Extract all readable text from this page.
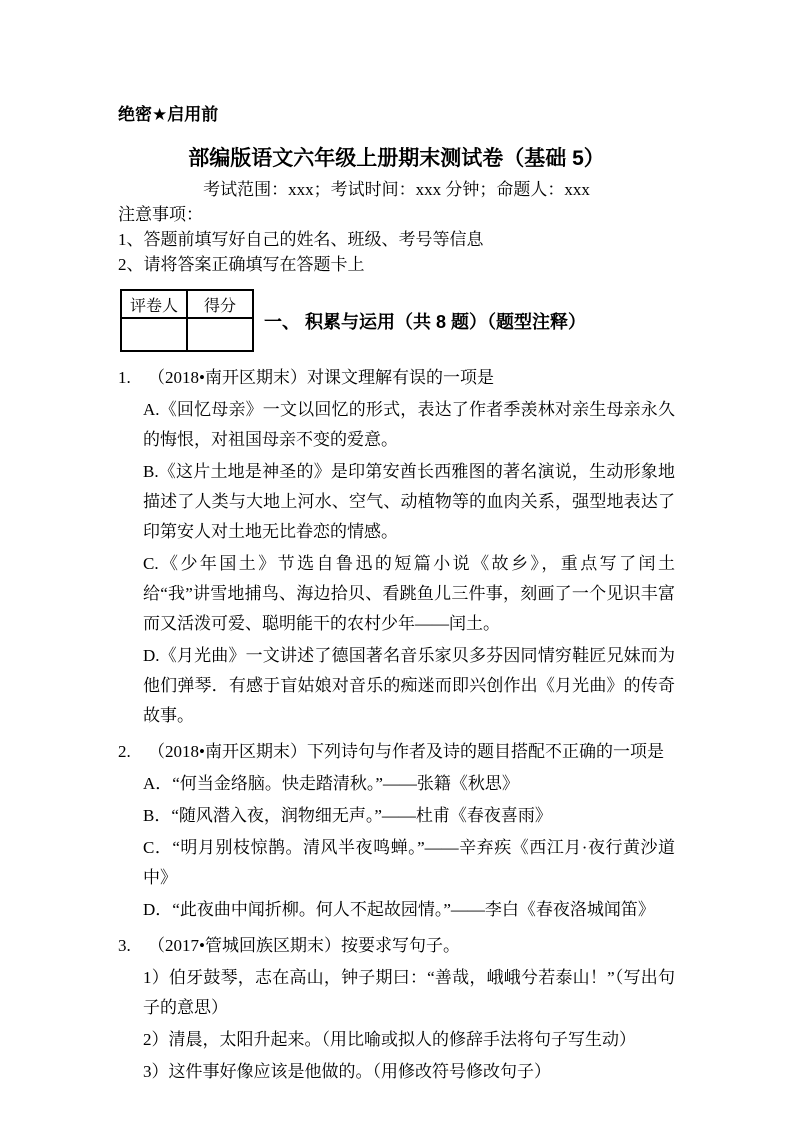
绝密★启用前
部编版语文六年级上册期末测试卷（基础 5）
考试范围：xxx；考试时间：xxx 分钟；命题人：xxx
注意事项：
1、答题前填写好自己的姓名、班级、考号等信息
2、请将答案正确填写在答题卡上
评卷人	得分

一、 积累与运用（共 8 题）（题型注释）
1.	（2018•南开区期末）对课文理解有误的一项是
A.《回忆母亲》一文以回忆的形式，表达了作者季羡林对亲生母亲永久的悔恨，对祖国母亲不变的爱意。
B.《这片土地是神圣的》是印第安酋长西雅图的著名演说，生动形象地描述了人类与大地上河水、空气、动植物等的血肉关系，强型地表达了印第安人对土地无比眷恋的情感。
C.《少年国土》节选自鲁迅的短篇小说《故乡》，重点写了闰土给“我”讲雪地捕鸟、海边拾贝、看跳鱼儿三件事，刻画了一个见识丰富而又活泼可爱、聪明能干的农村少年——闰土。
D.《月光曲》一文讲述了德国著名音乐家贝多芬因同情穷鞋匠兄妹而为他们弹琴．有感于盲姑娘对音乐的痴迷而即兴创作出《月光曲》的传奇故事。
2.	（2018•南开区期末）下列诗句与作者及诗的题目搭配不正确的一项是
A．“何当金络脑。快走踏清秋。”——张籍《秋思》
B．“随风潜入夜，润物细无声。”——杜甫《春夜喜雨》
C．“明月别枝惊鹊。清风半夜鸣蝉。”——辛弃疾《西江月·夜行黄沙道中》
D．“此夜曲中闻折柳。何人不起故园情。”——李白《春夜洛城闻笛》
3.	（2017•管城回族区期末）按要求写句子。
1）伯牙鼓琴，志在高山，钟子期曰：“善哉，峨峨兮若泰山！”（写出句子的意思）
2）清晨，太阳升起来。（用比喻或拟人的修辞手法将句子写生动）
3）这件事好像应该是他做的。（用修改符号修改句子）
